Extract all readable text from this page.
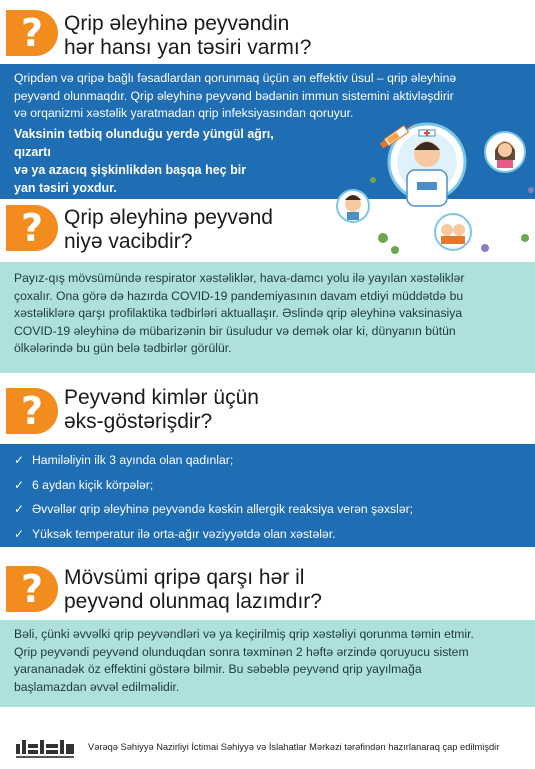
? Qrip əleyhinə peyvəndin
hər hansı yan təsiri varmı?
Qripdən və qripə bağlı fəsadlardan qorunmaq üçün ən effektiv üsul – qrip əleyhinə
peyvənd olunmaqdır. Qrip əleyhinə peyvənd bədənin immun sistemini aktivləşdirir
və orqanizmi xəstəlik yaratmadan qrip infeksiyasından qoruyur.
Vaksinin tətbiq olunduğu yerdə yüngül ağrı, qızartı
və ya azacıq şişkinlikdən başqa heç bir
yan təsiri yoxdur.
? Qrip əleyhinə peyvənd
niyə vacibdir?
Payız-qış mövsümündə respirator xəstəliklər, hava-damcı yolu ilə yayılan xəstəliklər
çoxalır. Ona görə də hazırda COVID-19 pandemiyasının davam etdiyi müddətdə bu
xəstəliklərə qarşı profilaktika tədbirləri aktuallaşır. Əslində qrip əleyhinə vaksinasiya
COVID-19 əleyhinə də mübarizənin bir üsuludur və demək olar ki, dünyanın bütün
ölkələrində bu gün belə tədbirlər görülür.
? Peyvənd kimlər üçün
əks-göstərişdir?
✓ Hamiləliyin ilk 3 ayında olan qadınlar;
✓ 6 aydan kiçik körpələr;
✓ Əvvəllər qrip əleyhinə peyvəndə kəskin allergik reaksiya verən şəxslər;
✓ Yüksək temperatur ilə orta-ağır vəziyyətdə olan xəstələr.
? Mövsümi qripə qarşı hər il
peyvənd olunmaq lazımdır?
Bəli, çünki əvvəlki qrip peyvəndləri və ya keçirilmiş qrip xəstəliyi qorunma təmin etmir.
Qrip peyvəndi peyvənd olunduqdan sonra təxminən 2 həftə ərzində qoruyucu sistem
yarananadək öz effektini göstərə bilmir. Bu səbəblə peyvənd qrip yayılmağa
başlamazdan əvvəl edilməlidir.
Vərəqə Səhiyyə Nazirliyi İctimai Səhiyyə və İslahatlar Mərkəzi tərəfindən hazırlanaraq çap edilmişdir
